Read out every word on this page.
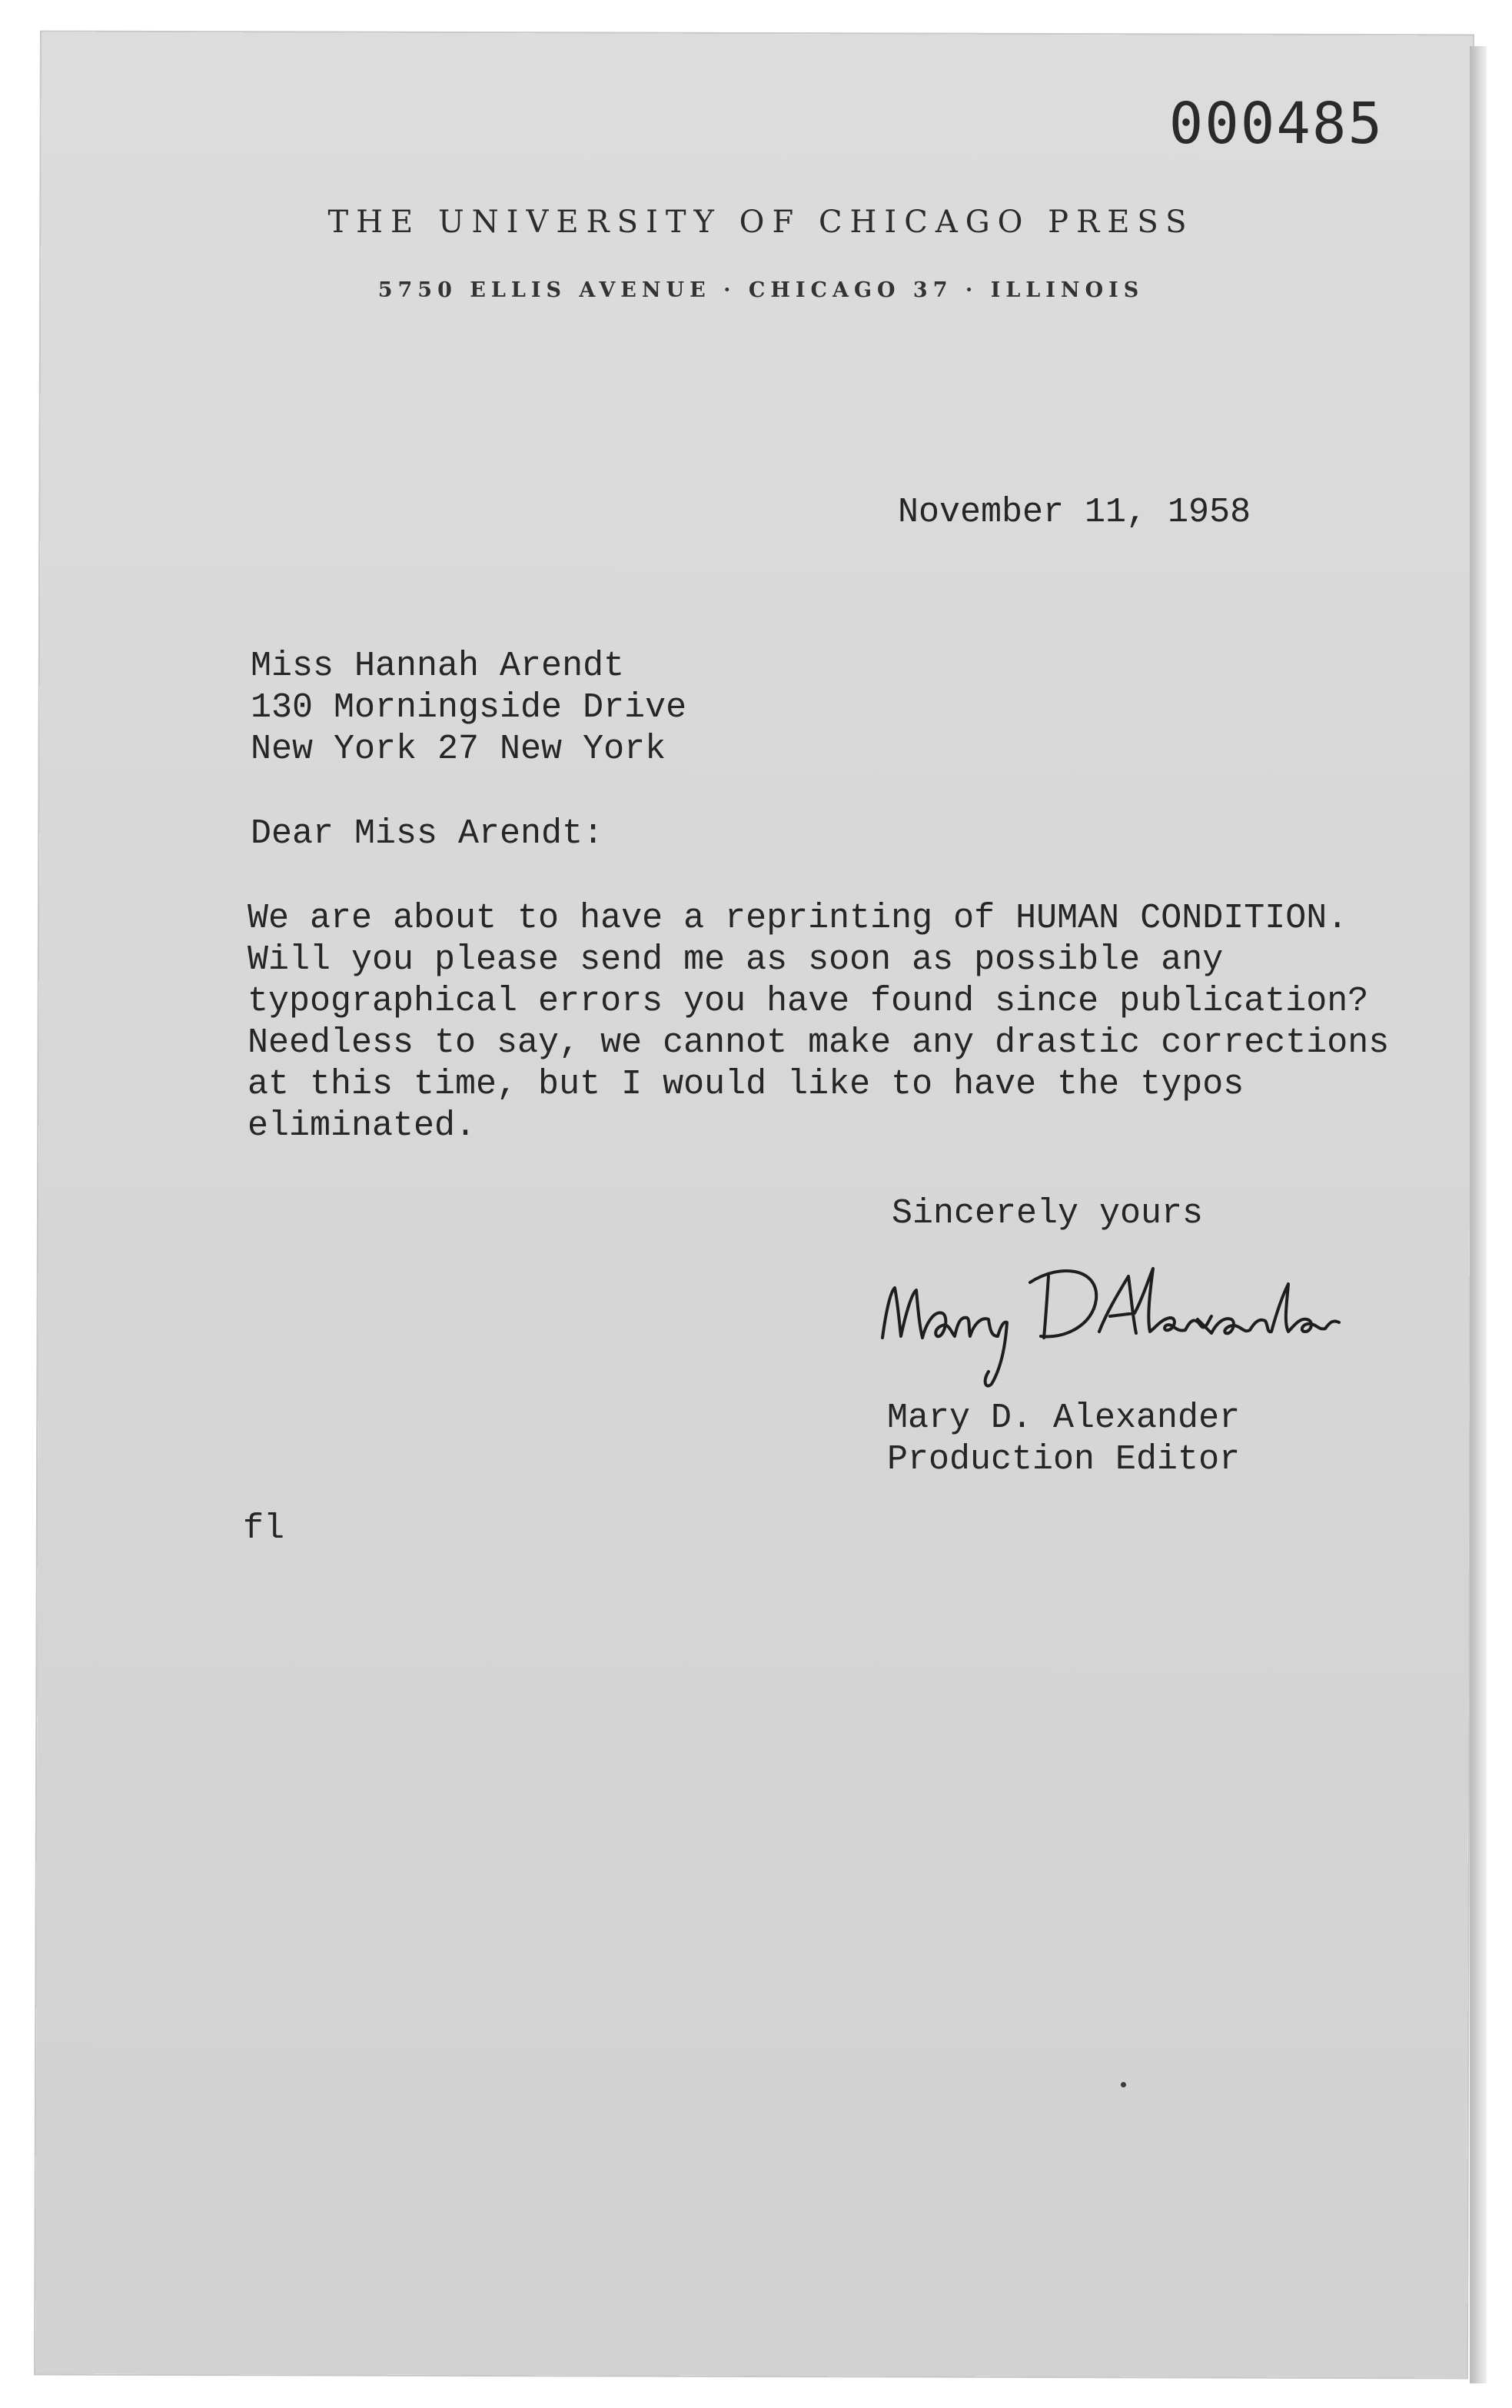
000485
THE UNIVERSITY OF CHICAGO PRESS
5750 ELLIS AVENUE · CHICAGO 37 · ILLINOIS
November 11, 1958
Miss Hannah Arendt
130 Morningside Drive
New York 27 New York
Dear Miss Arendt:
We are about to have a reprinting of HUMAN CONDITION.
Will you please send me as soon as possible any
typographical errors you have found since publication?
Needless to say, we cannot make any drastic corrections
at this time, but I would like to have the typos
eliminated.
Sincerely yours
Mary D. Alexander
Production Editor
fl
